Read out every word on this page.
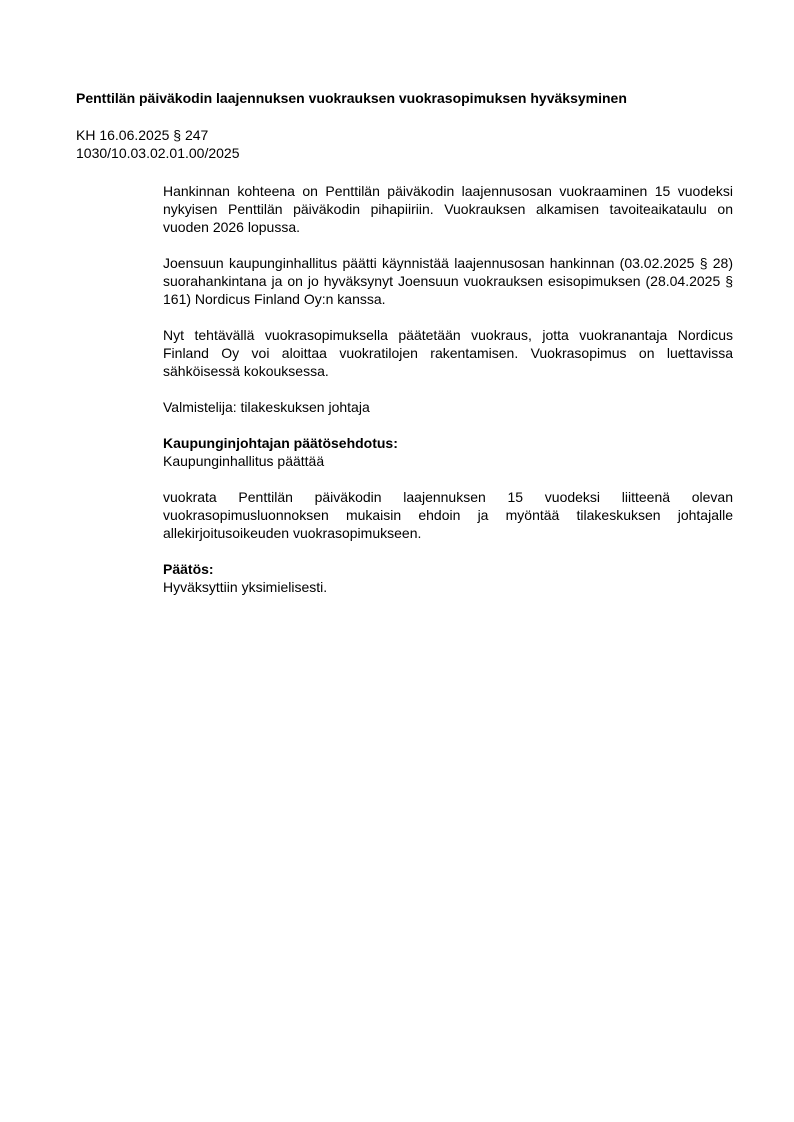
Penttilän päiväkodin laajennuksen vuokrauksen vuokrasopimuksen hyväksyminen
KH 16.06.2025 § 247
1030/10.03.02.01.00/2025

Hankinnan kohteena on Penttilän päiväkodin laajennusosan vuokraaminen 15 vuodeksi nykyisen Penttilän päiväkodin pihapiiriin. Vuokrauksen alkamisen tavoiteaikataulu on vuoden 2026 lopussa.

Joensuun kaupunginhallitus päätti käynnistää laajennusosan hankinnan (03.02.2025 § 28) suorahankintana ja on jo hyväksynyt Joensuun vuokrauksen esisopimuksen (28.04.2025 § 161) Nordicus Finland Oy:n kanssa.

Nyt tehtävällä vuokrasopimuksella päätetään vuokraus, jotta vuokranantaja Nordicus Finland Oy voi aloittaa vuokratilojen rakentamisen. Vuokrasopimus on luettavissa sähköisessä kokouksessa.

Valmistelija: tilakeskuksen johtaja

Kaupunginjohtajan päätösehdotus:

Kaupunginhallitus päättää

vuokrata Penttilän päiväkodin laajennuksen 15 vuodeksi liitteenä olevan vuokrasopimusluonnoksen mukaisin ehdoin ja myöntää tilakeskuksen johtajalle allekirjoitusoikeuden vuokrasopimukseen.

Päätös:

Hyväksyttiin yksimielisesti.
